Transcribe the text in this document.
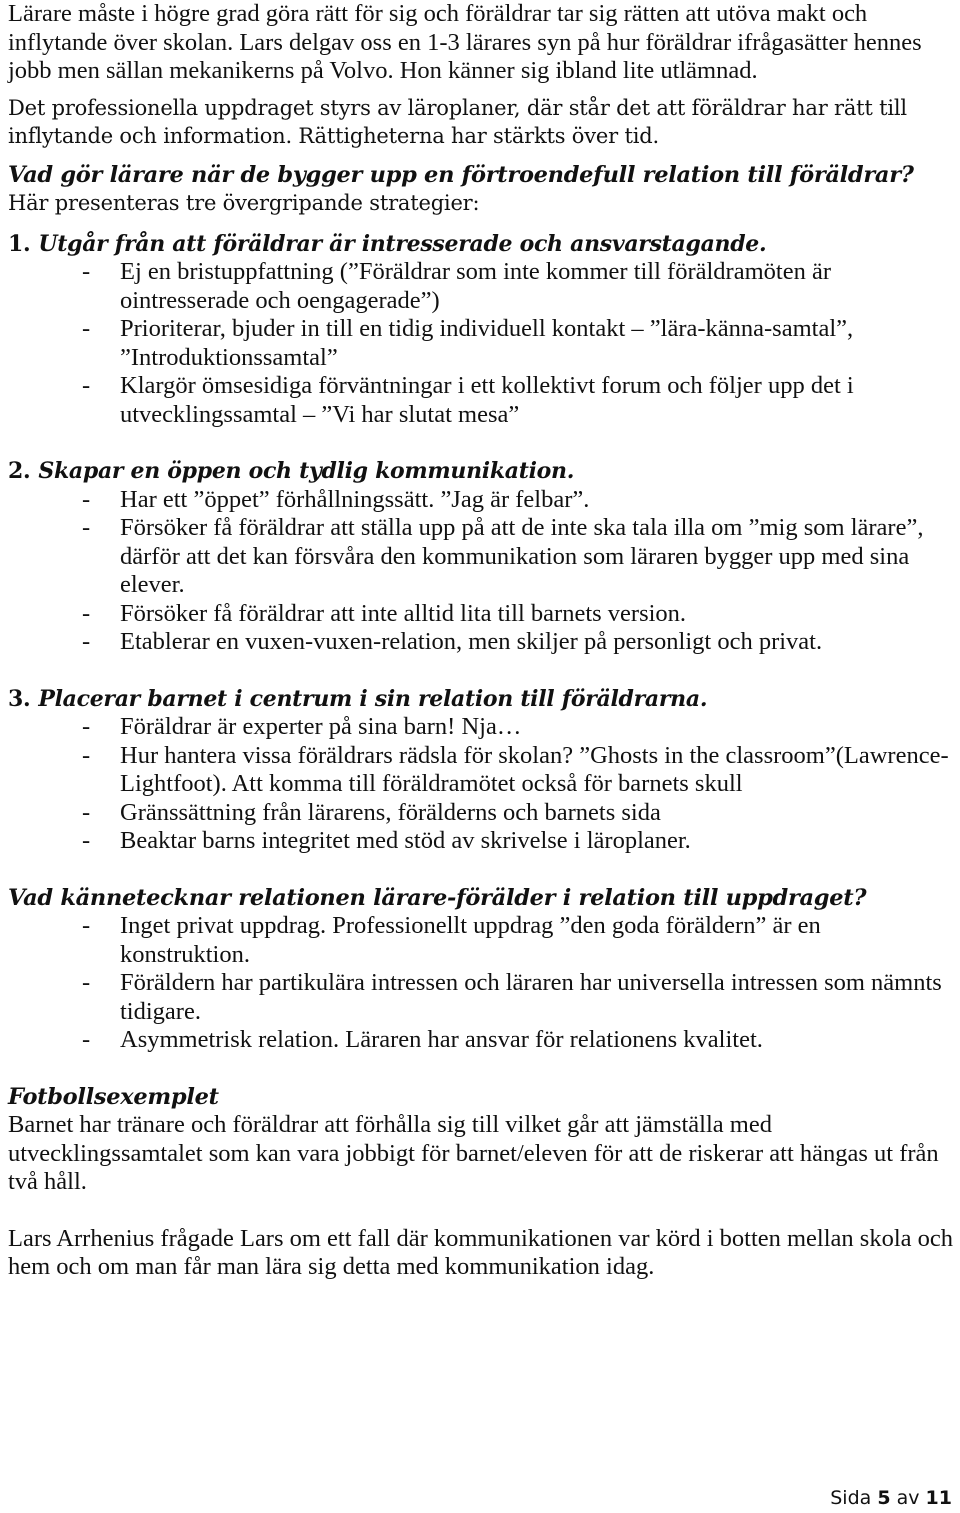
Lärare måste i högre grad göra rätt för sig och föräldrar tar sig rätten att utöva makt och inflytande över skolan. Lars delgav oss en 1-3 lärares syn på hur föräldrar ifrågasätter hennes jobb men sällan mekanikerns på Volvo. Hon känner sig ibland lite utlämnad.

Det professionella uppdraget styrs av läroplaner, där står det att föräldrar har rätt till inflytande och information. Rättigheterna har stärkts över tid.

Vad gör lärare när de bygger upp en förtroendefull relation till föräldrar?

Här presenteras tre övergripande strategier:

1. Utgår från att föräldrar är intresserade och ansvarstagande.

- Ej en bristuppfattning (”Föräldrar som inte kommer till föräldramöten är ointresserade och oengagerade”)
- Prioriterar, bjuder in till en tidig individuell kontakt – ”lära-känna-samtal”, ”Introduktionssamtal”
- Klargör ömsesidiga förväntningar i ett kollektivt forum och följer upp det i utvecklingssamtal – ”Vi har slutat mesa”

2. Skapar en öppen och tydlig kommunikation.

- Har ett ”öppet” förhållningssätt. ”Jag är felbar”.
- Försöker få föräldrar att ställa upp på att de inte ska tala illa om ”mig som lärare”, därför att det kan försvåra den kommunikation som läraren bygger upp med sina elever.
- Försöker få föräldrar att inte alltid lita till barnets version.
- Etablerar en vuxen-vuxen-relation, men skiljer på personligt och privat.

3. Placerar barnet i centrum i sin relation till föräldrarna.

- Föräldrar är experter på sina barn! Nja…
- Hur hantera vissa föräldrars rädsla för skolan? ”Ghosts in the classroom”(Lawrence-Lightfoot). Att komma till föräldramötet också för barnets skull
- Gränssättning från lärarens, förälderns och barnets sida
- Beaktar barns integritet med stöd av skrivelse i läroplaner.

Vad kännetecknar relationen lärare-förälder i relation till uppdraget?

- Inget privat uppdrag. Professionellt uppdrag ”den goda föräldern” är en konstruktion.
- Föräldern har partikulära intressen och läraren har universella intressen som nämnts tidigare.
- Asymmetrisk relation. Läraren har ansvar för relationens kvalitet.

Fotbollsexemplet

Barnet har tränare och föräldrar att förhålla sig till vilket går att jämställa med utvecklingssamtalet som kan vara jobbigt för barnet/eleven för att de riskerar att hängas ut från två håll.

Lars Arrhenius frågade Lars om ett fall där kommunikationen var körd i botten mellan skola och hem och om man får man lära sig detta med kommunikation idag.

Sida 5 av 11
